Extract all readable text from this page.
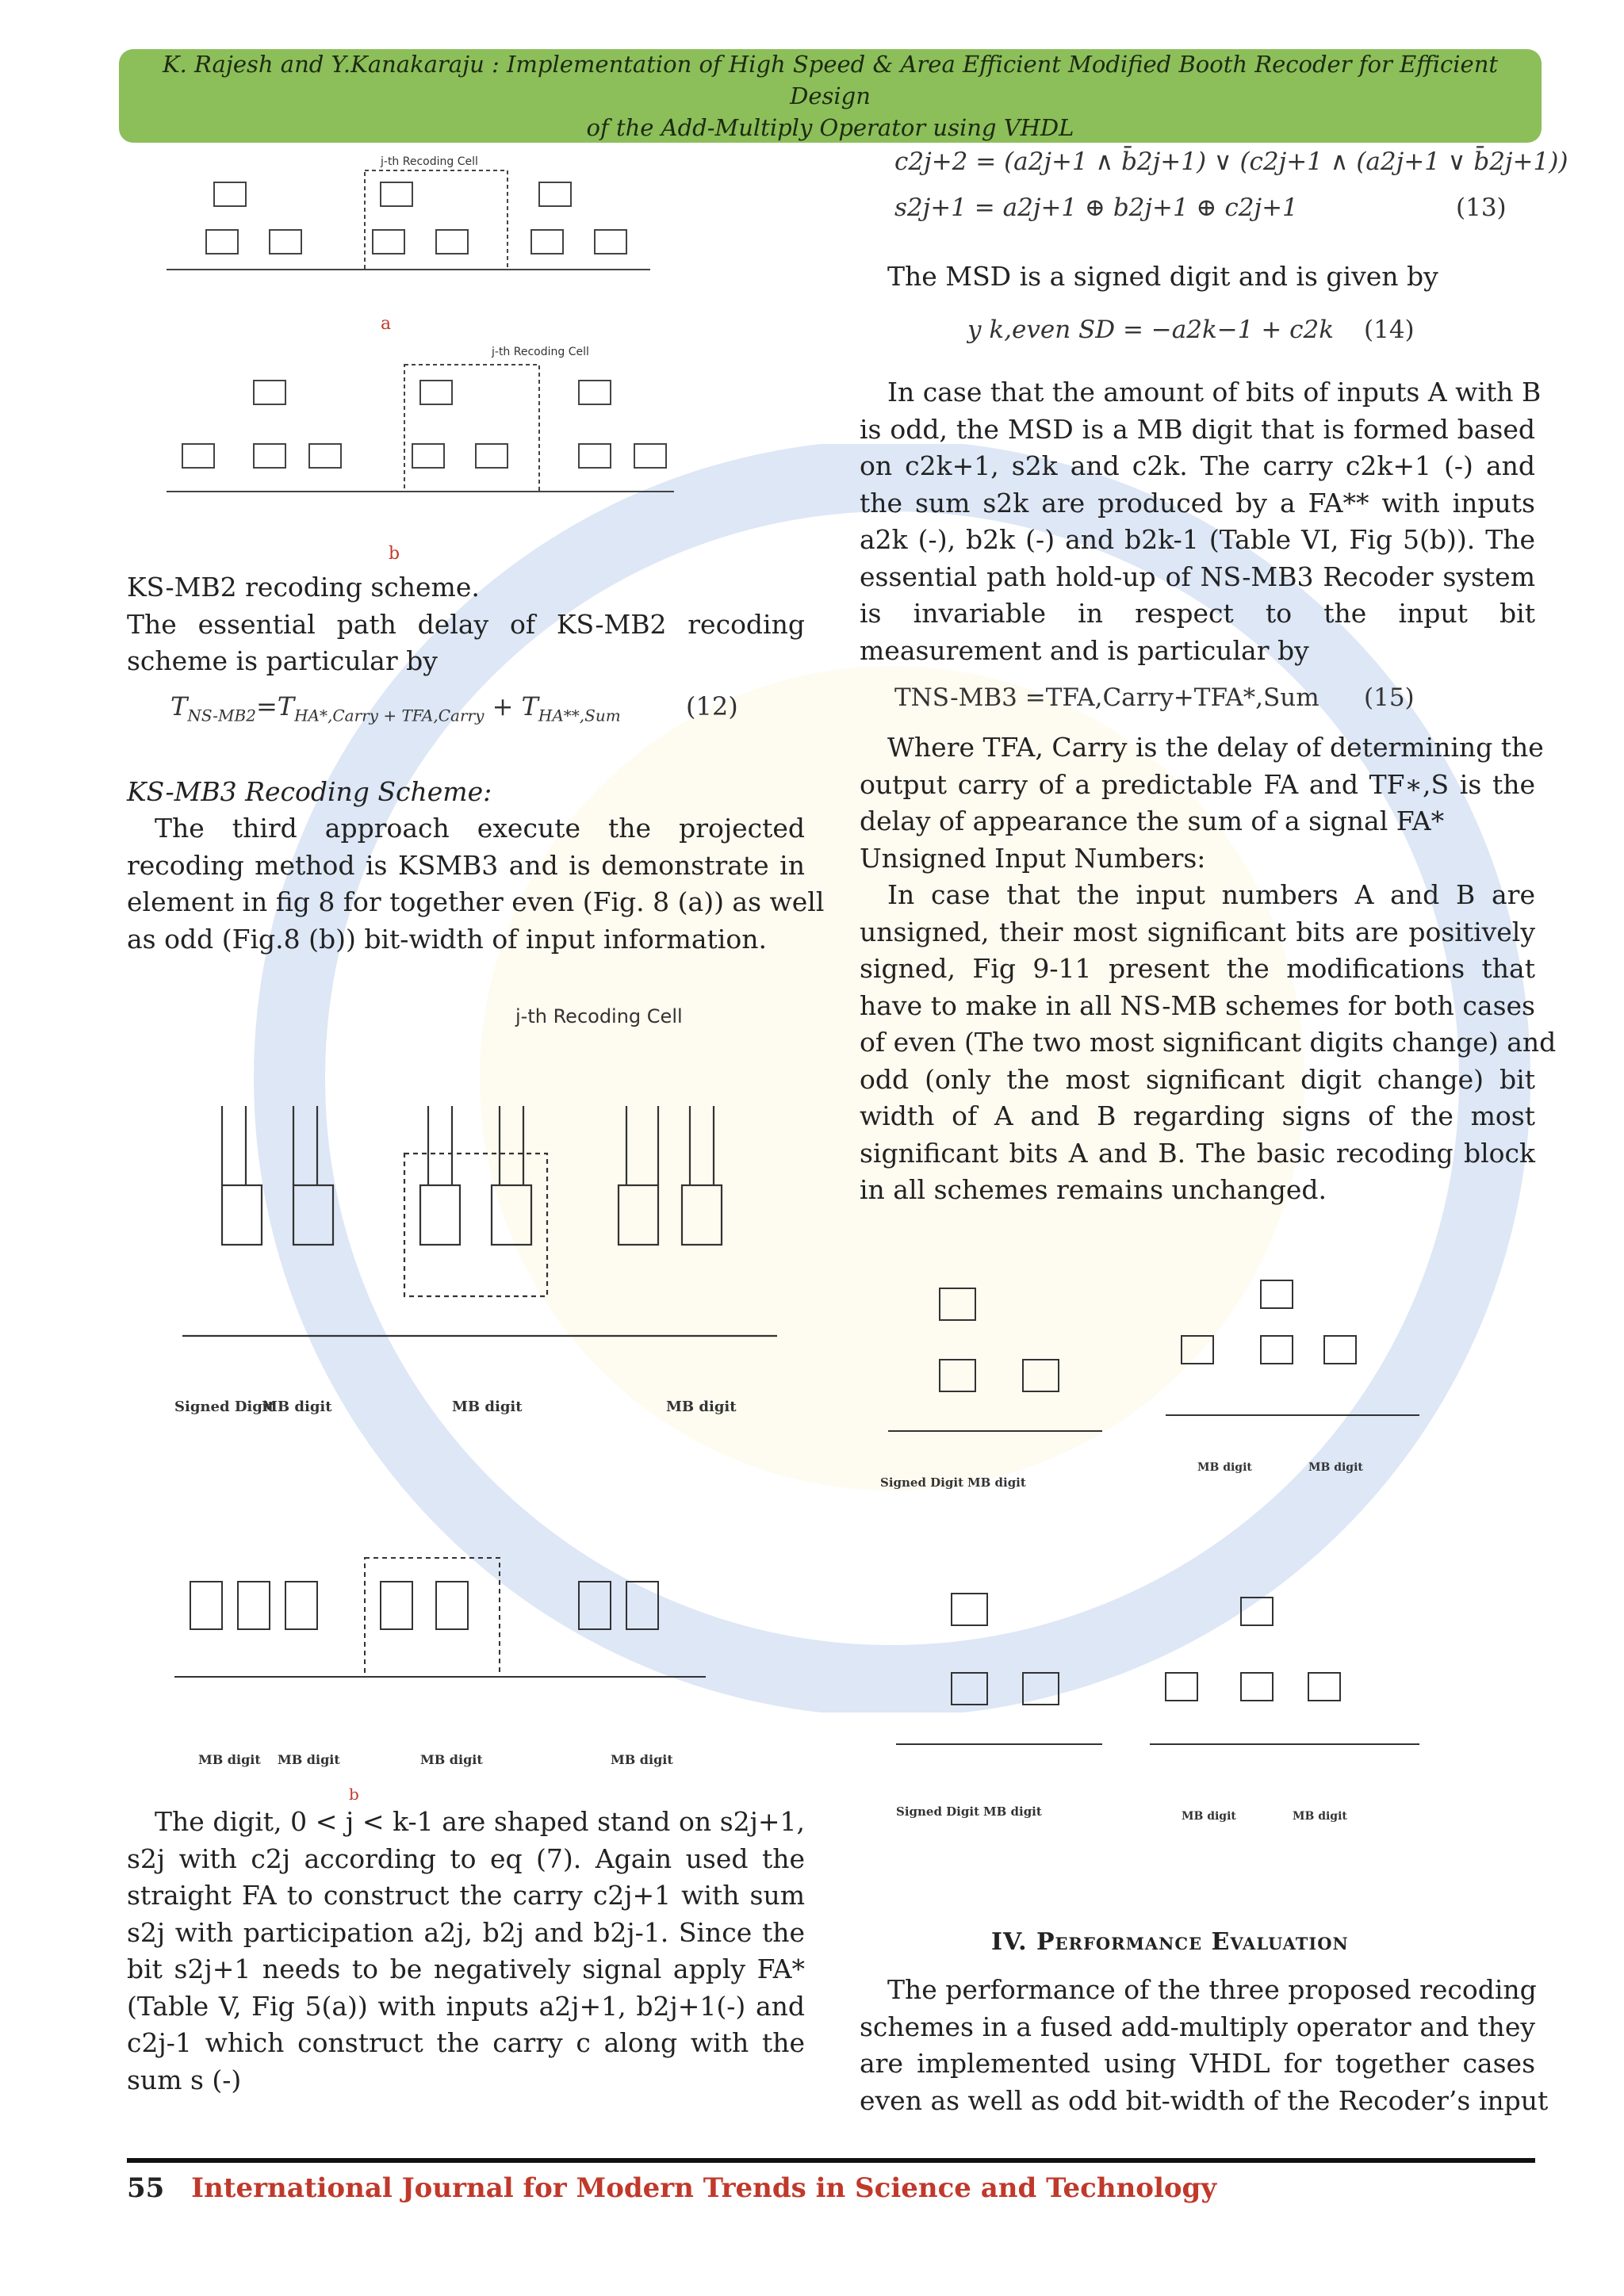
K. Rajesh and Y.Kanakaraju : Implementation of High Speed & Area Efficient Modified Booth Recoder for Efficient Design
of the Add-Multiply Operator using VHDL
j-th Recoding Cell
a
j-th Recoding Cell
b
KS-MB2 recoding scheme.
The essential path delay of KS-MB2 recoding
scheme is particular by
$T_{NS-MB2}=T_{HA*,Carry + TFA,Carry} + T_{HA**,Sum}$	(12)
KS-MB3 Recoding Scheme:
The third approach execute the projected
recoding method is KSMB3 and is demonstrate in
element in fig 8 for together even (Fig. 8 (a)) as well
as odd (Fig.8 (b)) bit-width of input information.
j-th Recoding Cell
Signed Digit
MB digit	MB digit	MB digit
MB digit MB digit	MB digit	MB digit
b
The digit, 0 < j < k-1 are shaped stand on s2j+1,
s2j with c2j according to eq (7). Again used the
straight FA to construct the carry c2j+1 with sum
s2j with participation a2j, b2j and b2j-1. Since the
bit s2j+1 needs to be negatively signal apply FA*
(Table V, Fig 5(a)) with inputs a2j+1, b2j+1(-) and
c2j-1 which construct the carry c along with the
sum s (-)
c2j+2 = (a2j+1 ∧ b̄2j+1) ∨ (c2j+1 ∧ (a2j+1 ∨ b̄2j+1))
s2j+1 = a2j+1 ⊕ b2j+1 ⊕ c2j+1	(13)
The MSD is a signed digit and is given by
y k,even SD = −a2k−1 + c2k (14)
In case that the amount of bits of inputs A with B
is odd, the MSD is a MB digit that is formed based
on c2k+1, s2k and c2k. The carry c2k+1 (-) and
the sum s2k are produced by a FA** with inputs
a2k (-), b2k (-) and b2k-1 (Table VI, Fig 5(b)). The
essential path hold-up of NS-MB3 Recoder system
is invariable in respect to the input bit
measurement and is particular by
TNS-MB3 =TFA,Carry+TFA*,Sum (15)
Where TFA, Carry is the delay of determining the
output carry of a predictable FA and TF∗,S is the
delay of appearance the sum of a signal FA*
Unsigned Input Numbers:
In case that the input numbers A and B are
unsigned, their most significant bits are positively
signed, Fig 9-11 present the modifications that
have to make in all NS-MB schemes for both cases
of even (The two most significant digits change) and
odd (only the most significant digit change) bit
width of A and B regarding signs of the most
significant bits A and B. The basic recoding block
in all schemes remains unchanged.
Signed Digit MB digit
MB digit	MB digit
Signed Digit MB digit	MB digit	MB digit
IV. Performance Evaluation
The performance of the three proposed recoding
schemes in a fused add-multiply operator and they
are implemented using VHDL for together cases
even as well as odd bit-width of the Recoder’s input
55 International Journal for Modern Trends in Science and Technology
